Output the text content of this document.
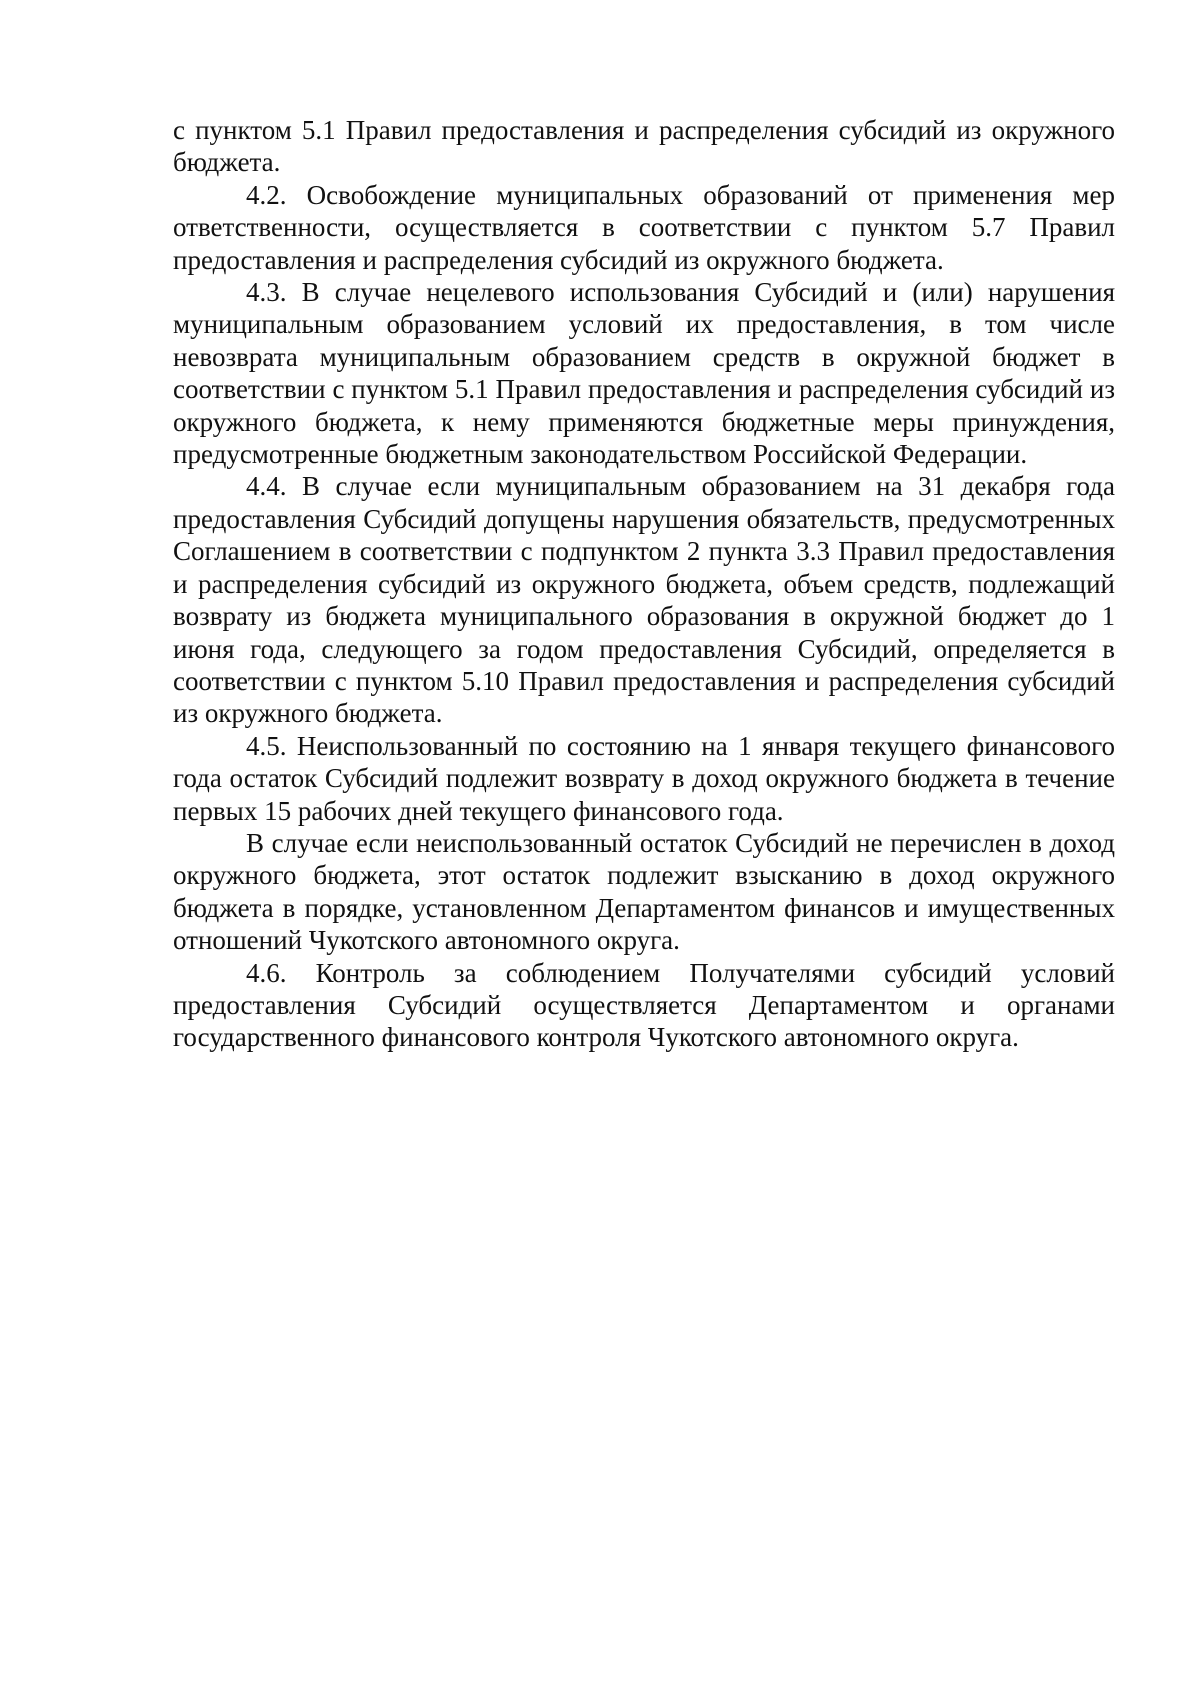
с пунктом 5.1 Правил предоставления и распределения субсидий из окружного бюджета.

4.2. Освобождение муниципальных образований от применения мер ответственности, осуществляется в соответствии с пунктом 5.7 Правил предоставления и распределения субсидий из окружного бюджета.

4.3. В случае нецелевого использования Субсидий и (или) нарушения муниципальным образованием условий их предоставления, в том числе невозврата муниципальным образованием средств в окружной бюджет в соответствии с пунктом 5.1 Правил предоставления и распределения субсидий из окружного бюджета, к нему применяются бюджетные меры принуждения, предусмотренные бюджетным законодательством Российской Федерации.

4.4. В случае если муниципальным образованием на 31 декабря года предоставления Субсидий допущены нарушения обязательств, предусмотренных Соглашением в соответствии с подпунктом 2 пункта 3.3 Правил предоставления и распределения субсидий из окружного бюджета, объем средств, подлежащий возврату из бюджета муниципального образования в окружной бюджет до 1 июня года, следующего за годом предоставления Субсидий, определяется в соответствии с пунктом 5.10 Правил предоставления и распределения субсидий из окружного бюджета.

4.5. Неиспользованный по состоянию на 1 января текущего финансового года остаток Субсидий подлежит возврату в доход окружного бюджета в течение первых 15 рабочих дней текущего финансового года.

В случае если неиспользованный остаток Субсидий не перечислен в доход окружного бюджета, этот остаток подлежит взысканию в доход окружного бюджета в порядке, установленном Департаментом финансов и имущественных отношений Чукотского автономного округа.

4.6. Контроль за соблюдением Получателями субсидий условий предоставления Субсидий осуществляется Департаментом и органами государственного финансового контроля Чукотского автономного округа.
